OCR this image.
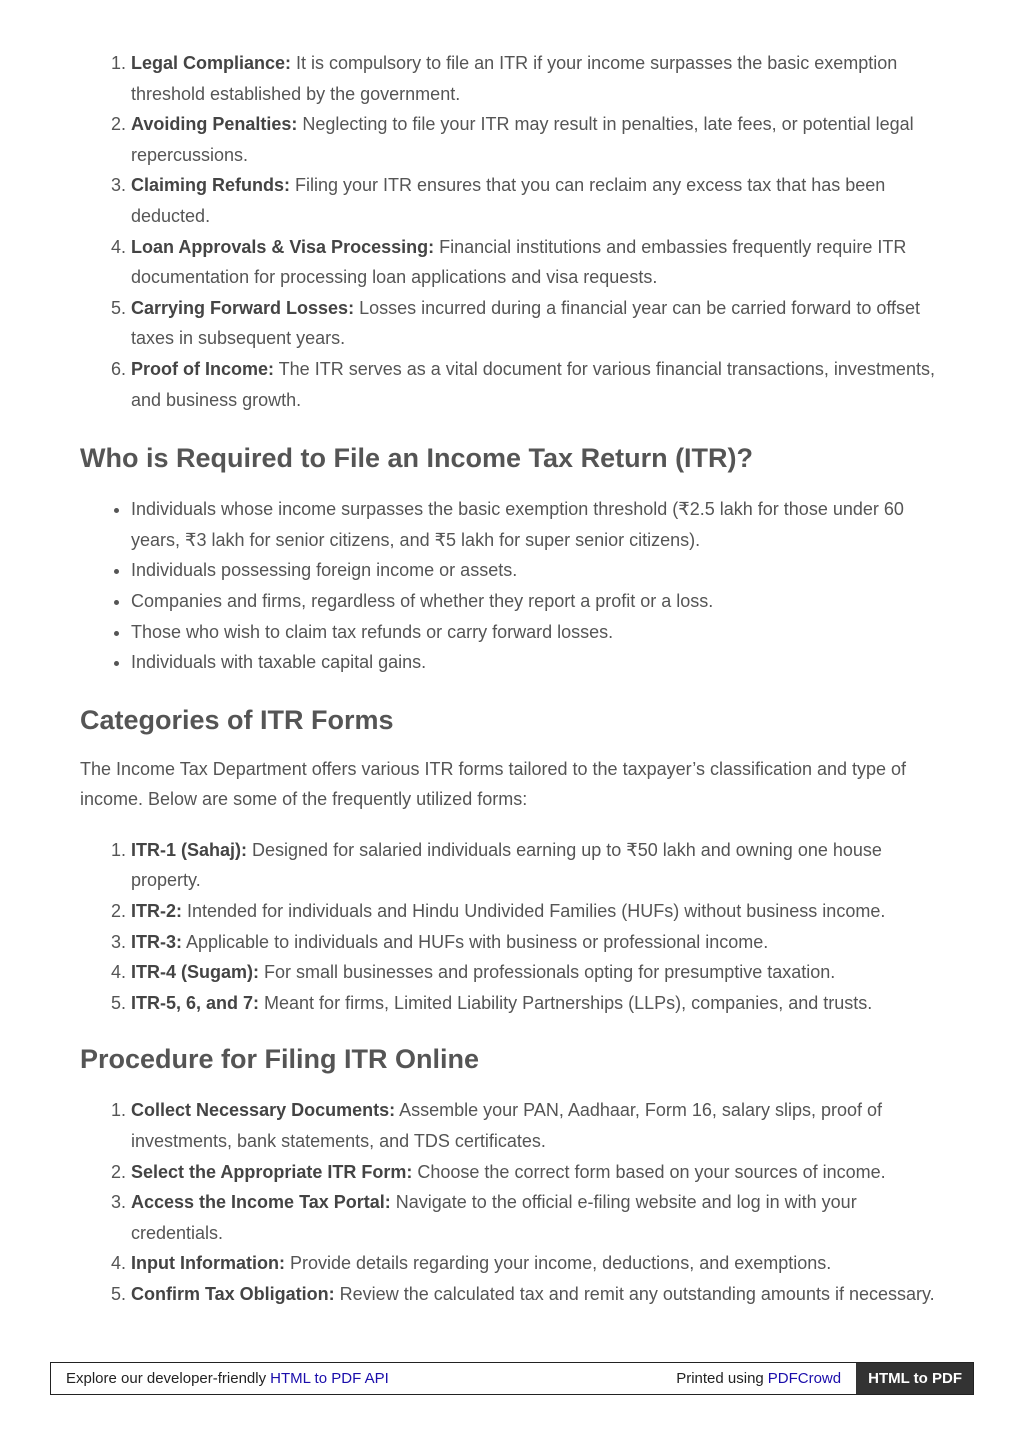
1. Legal Compliance: It is compulsory to file an ITR if your income surpasses the basic exemption threshold established by the government.
2. Avoiding Penalties: Neglecting to file your ITR may result in penalties, late fees, or potential legal repercussions.
3. Claiming Refunds: Filing your ITR ensures that you can reclaim any excess tax that has been deducted.
4. Loan Approvals & Visa Processing: Financial institutions and embassies frequently require ITR documentation for processing loan applications and visa requests.
5. Carrying Forward Losses: Losses incurred during a financial year can be carried forward to offset taxes in subsequent years.
6. Proof of Income: The ITR serves as a vital document for various financial transactions, investments, and business growth.
Who is Required to File an Income Tax Return (ITR)?
• Individuals whose income surpasses the basic exemption threshold (₹2.5 lakh for those under 60 years, ₹3 lakh for senior citizens, and ₹5 lakh for super senior citizens).
• Individuals possessing foreign income or assets.
• Companies and firms, regardless of whether they report a profit or a loss.
• Those who wish to claim tax refunds or carry forward losses.
• Individuals with taxable capital gains.
Categories of ITR Forms

The Income Tax Department offers various ITR forms tailored to the taxpayer’s classification and type of income. Below are some of the frequently utilized forms:

1. ITR-1 (Sahaj): Designed for salaried individuals earning up to ₹50 lakh and owning one house property.
2. ITR-2: Intended for individuals and Hindu Undivided Families (HUFs) without business income.
3. ITR-3: Applicable to individuals and HUFs with business or professional income.
4. ITR-4 (Sugam): For small businesses and professionals opting for presumptive taxation.
5. ITR-5, 6, and 7: Meant for firms, Limited Liability Partnerships (LLPs), companies, and trusts.
Procedure for Filing ITR Online
1. Collect Necessary Documents: Assemble your PAN, Aadhaar, Form 16, salary slips, proof of investments, bank statements, and TDS certificates.
2. Select the Appropriate ITR Form: Choose the correct form based on your sources of income.
3. Access the Income Tax Portal: Navigate to the official e-filing website and log in with your credentials.
4. Input Information: Provide details regarding your income, deductions, and exemptions.
5. Confirm Tax Obligation: Review the calculated tax and remit any outstanding amounts if necessary.
Explore our developer-friendly HTML to PDF API	Printed using PDFCrowd	HTML to PDF
